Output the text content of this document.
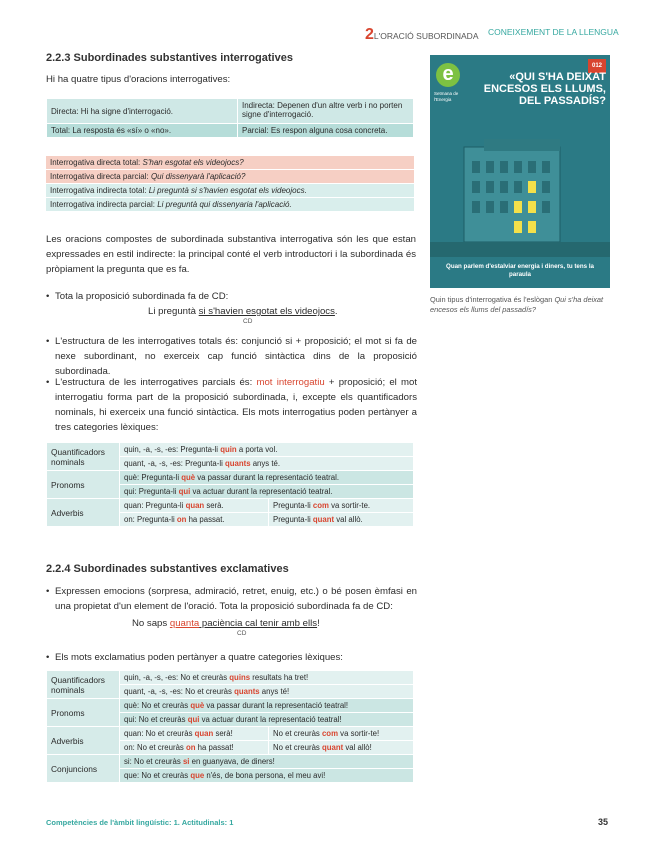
2L'ORACIÓ SUBORDINADA CONEIXEMENT DE LA LLENGUA
2.2.3 Subordinades substantives interrogatives
Hi ha quatre tipus d'oracions interrogatives:
Directa: Hi ha signe d'interrogació.	Indirecta: Depenen d'un altre verb i no porten signe d'interrogació.
Total: La resposta és «sí» o «no».	Parcial: Es respon alguna cosa concreta.
Interrogativa directa total: S'han esgotat els videojocs?
Interrogativa directa parcial: Qui dissenyarà l'aplicació?
Interrogativa indirecta total: Li preguntà si s'havien esgotat els videojocs.
Interrogativa indirecta parcial: Li preguntà qui dissenyaria l'aplicació.
Les oracions compostes de subordinada substantiva interrogativa són les que estan expressades en estil indirecte: la principal conté el verb introductori i la subordinada és pròpiament la pregunta que es fa.
• Tota la proposició subordinada fa de CD:
Li preguntà si s'havien esgotat els videojocs.
CD
• L'estructura de les interrogatives totals és: conjunció si + proposició; el mot si fa de nexe subordinant, no exerceix cap funció sintàctica dins de la proposició subordinada.
• L'estructura de les interrogatives parcials és: mot interrogatiu + proposició; el mot interrogatiu forma part de la proposició subordinada, i, excepte els quantificadors nominals, hi exerceix una funció sintàctica. Els mots interrogatius poden pertànyer a tres categories lèxiques:
Quantificadors nominals	quin, -a, -s, -es: Pregunta-li quin a porta vol.	
	quant, -a, -s, -es: Pregunta-li quants anys té.	
Pronoms	què: Pregunta-li què va passar durant la representació teatral.	
	qui: Pregunta-li qui va actuar durant la representació teatral.	
Adverbis	quan: Pregunta-li quan serà.	Pregunta-li com va sortir-te.
	on: Pregunta-li on ha passat.	Pregunta-li quant val allò.
2.2.4 Subordinades substantives exclamatives
• Expressen emocions (sorpresa, admiració, retret, enuig, etc.) o bé posen èmfasi en una propietat d'un element de l'oració. Tota la proposició subordinada fa de CD:
No saps quanta paciència cal tenir amb ells!
CD
• Els mots exclamatius poden pertànyer a quatre categories lèxiques:
Quantificadors nominals	quin, -a, -s, -es: No et creuràs quins resultats ha tret!	
	quant, -a, -s, -es: No et creuràs quants anys té!	
Pronoms	què: No et creuràs què va passar durant la representació teatral!	
	qui: No et creuràs qui va actuar durant la representació teatral!	
Adverbis	quan: No et creuràs quan serà!	No et creuràs com va sortir-te!
	on: No et creuràs on ha passat!	No et creuràs quant val allò!
Conjuncions	si: No et creuràs si en guanyava, de diners!	
	que: No et creuràs que n'és, de bona persona, el meu avi!	
e
Setmana de l'Energia
012
«QUI S'HA DEIXAT ENCESOS ELS LLUMS, DEL PASSADÍS?
Quan parlem d'estalviar energia i diners, tu tens la paraula
Quin tipus d'interrogativa és l'eslògan Qui s'ha deixat encesos els llums del passadís?
Competències de l'àmbit lingüístic: 1. Actitudinals: 1	35
